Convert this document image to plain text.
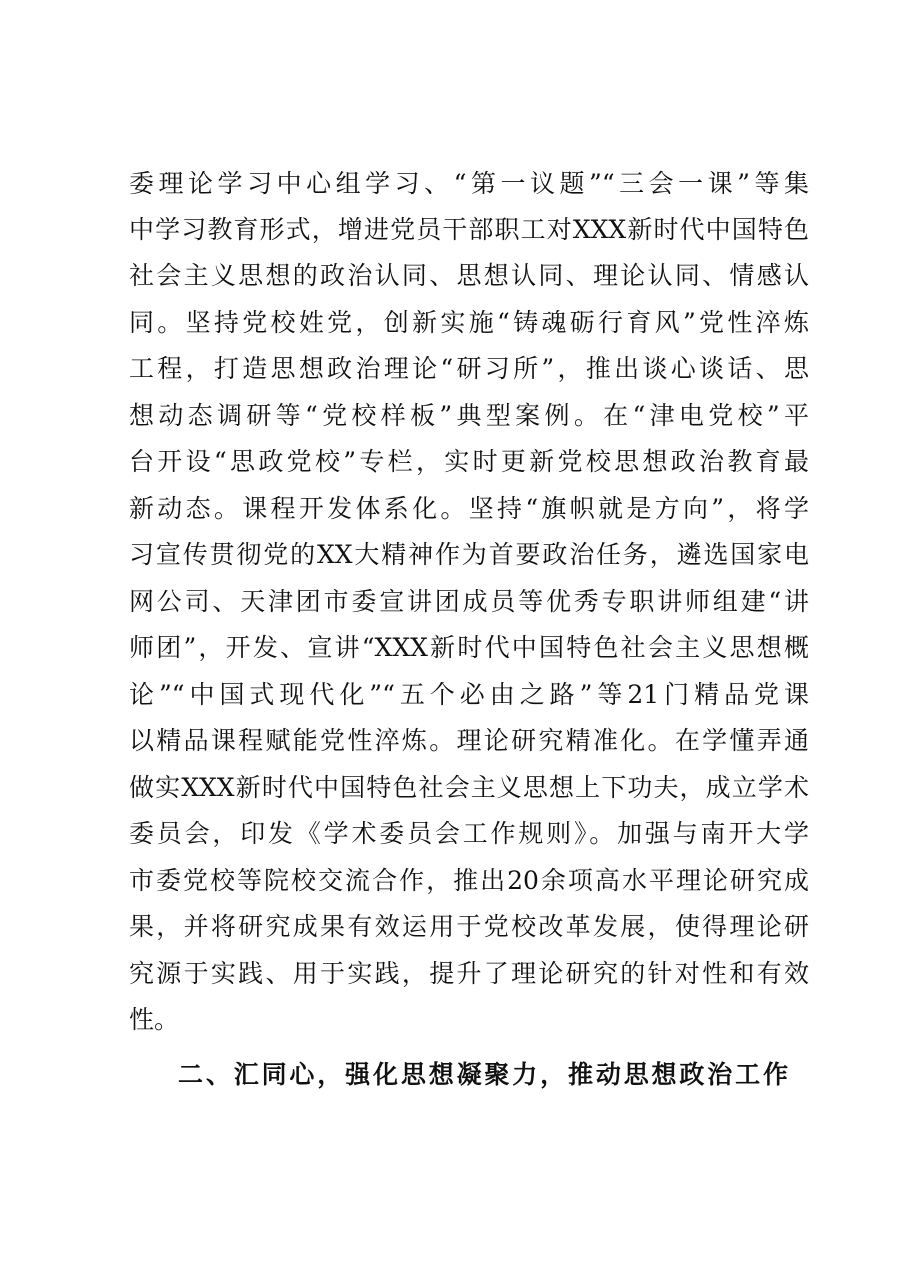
委理论学习中心组学习、“第一议题”“三会一课”等集
中学习教育形式，增进党员干部职工对XXX新时代中国特色
社会主义思想的政治认同、思想认同、理论认同、情感认
同。坚持党校姓党，创新实施“铸魂砺行育风”党性淬炼
工程，打造思想政治理论“研习所”，推出谈心谈话、思
想动态调研等“党校样板”典型案例。在“津电党校”平
台开设“思政党校”专栏，实时更新党校思想政治教育最
新动态。课程开发体系化。坚持“旗帜就是方向”，将学
习宣传贯彻党的XX大精神作为首要政治任务，遴选国家电
网公司、天津团市委宣讲团成员等优秀专职讲师组建“讲
师团”，开发、宣讲“XXX新时代中国特色社会主义思想概
论”“中国式现代化”“五个必由之路”等21门精品党课
以精品课程赋能党性淬炼。理论研究精准化。在学懂弄通
做实XXX新时代中国特色社会主义思想上下功夫，成立学术
委员会，印发《学术委员会工作规则》。加强与南开大学
市委党校等院校交流合作，推出20余项高水平理论研究成
果，并将研究成果有效运用于党校改革发展，使得理论研
究源于实践、用于实践，提升了理论研究的针对性和有效
性。
二、汇同心，强化思想凝聚力，推动思想政治工作
